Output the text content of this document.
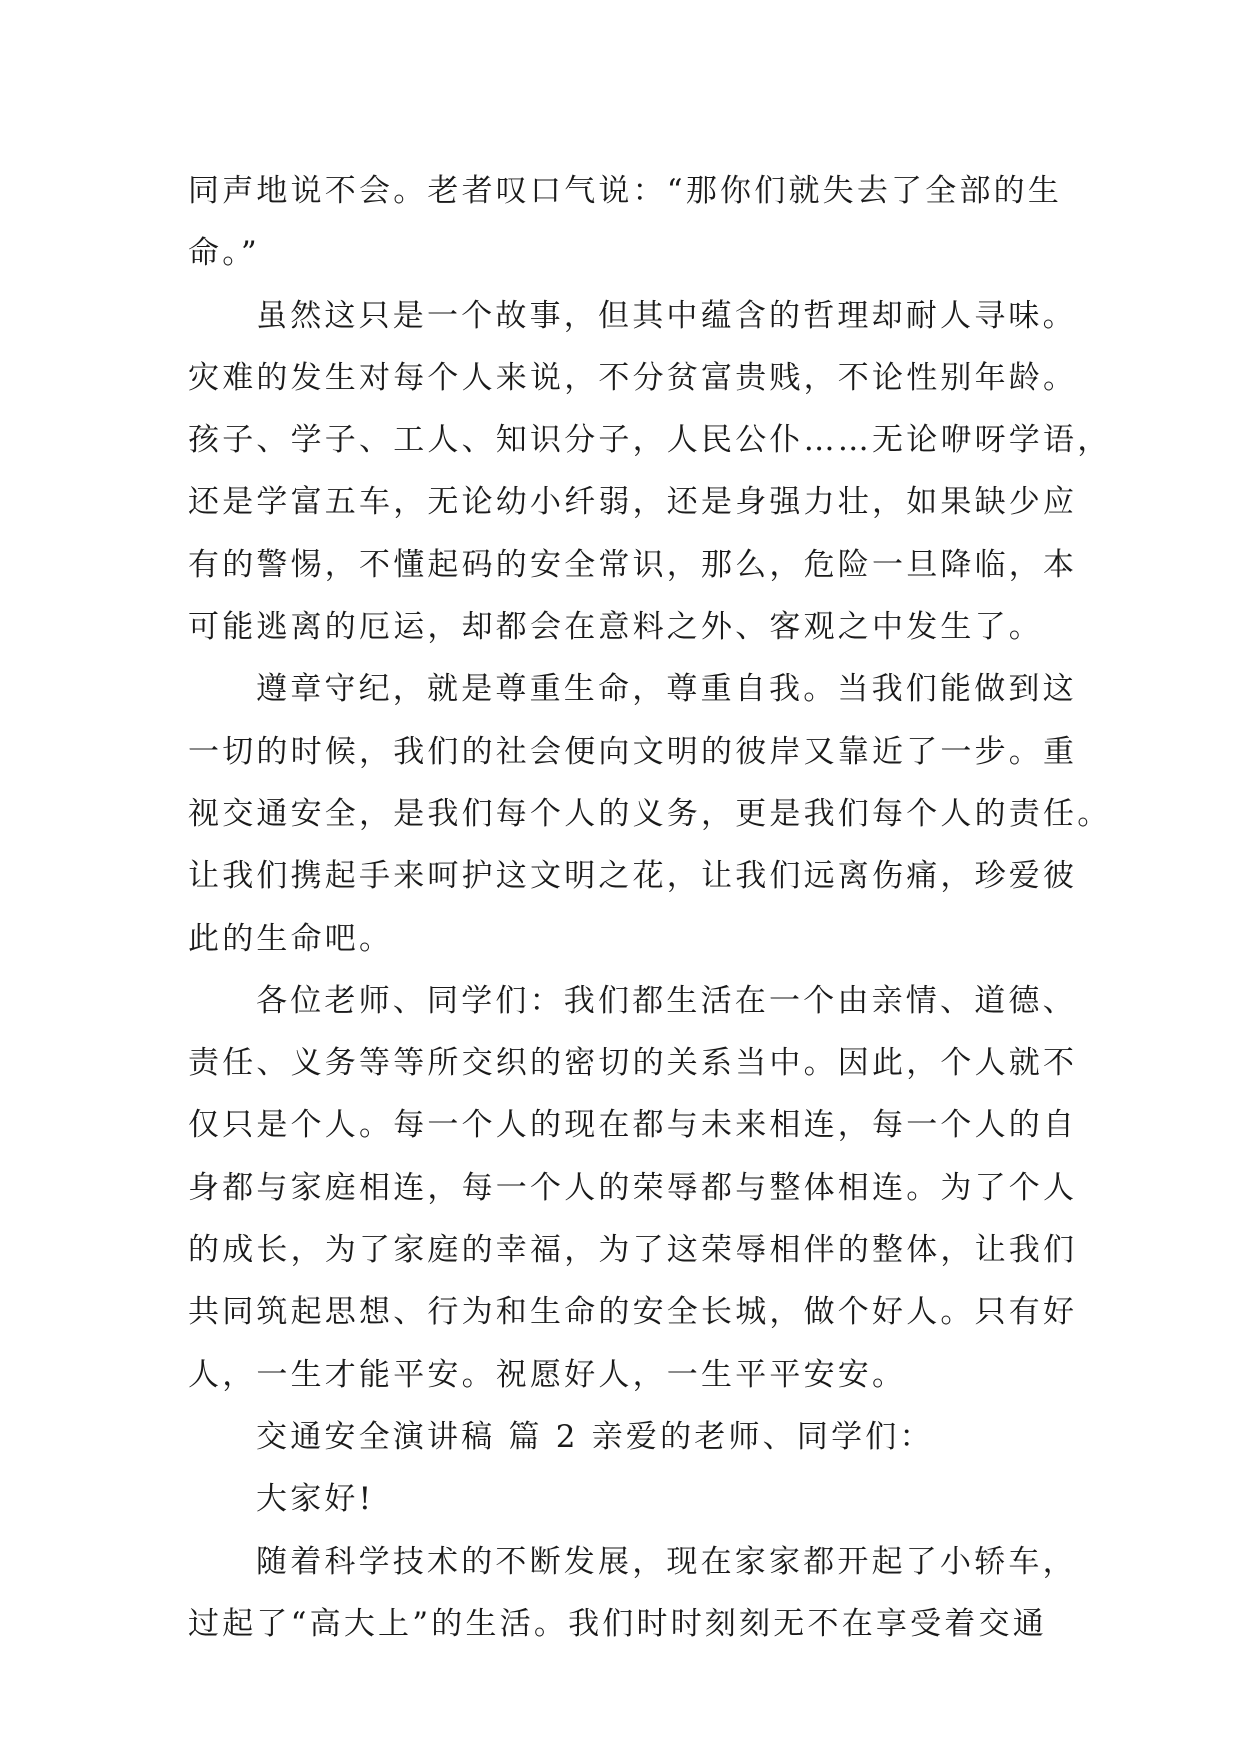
同声地说不会。老者叹口气说：“那你们就失去了全部的生
命。”
虽然这只是一个故事，但其中蕴含的哲理却耐人寻味。
灾难的发生对每个人来说，不分贫富贵贱，不论性别年龄。
孩子、学子、工人、知识分子，人民公仆……无论咿呀学语，
还是学富五车，无论幼小纤弱，还是身强力壮，如果缺少应
有的警惕，不懂起码的安全常识，那么，危险一旦降临，本
可能逃离的厄运，却都会在意料之外、客观之中发生了。
遵章守纪，就是尊重生命，尊重自我。当我们能做到这
一切的时候，我们的社会便向文明的彼岸又靠近了一步。重
视交通安全，是我们每个人的义务，更是我们每个人的责任。
让我们携起手来呵护这文明之花，让我们远离伤痛，珍爱彼
此的生命吧。
各位老师、同学们：我们都生活在一个由亲情、道德、
责任、义务等等所交织的密切的关系当中。因此，个人就不
仅只是个人。每一个人的现在都与未来相连，每一个人的自
身都与家庭相连，每一个人的荣辱都与整体相连。为了个人
的成长，为了家庭的幸福，为了这荣辱相伴的整体，让我们
共同筑起思想、行为和生命的安全长城，做个好人。只有好
人，一生才能平安。祝愿好人，一生平平安安。
交通安全演讲稿 篇 2 亲爱的老师、同学们：
大家好!
随着科学技术的不断发展，现在家家都开起了小轿车，
过起了“高大上”的生活。我们时时刻刻无不在享受着交通
